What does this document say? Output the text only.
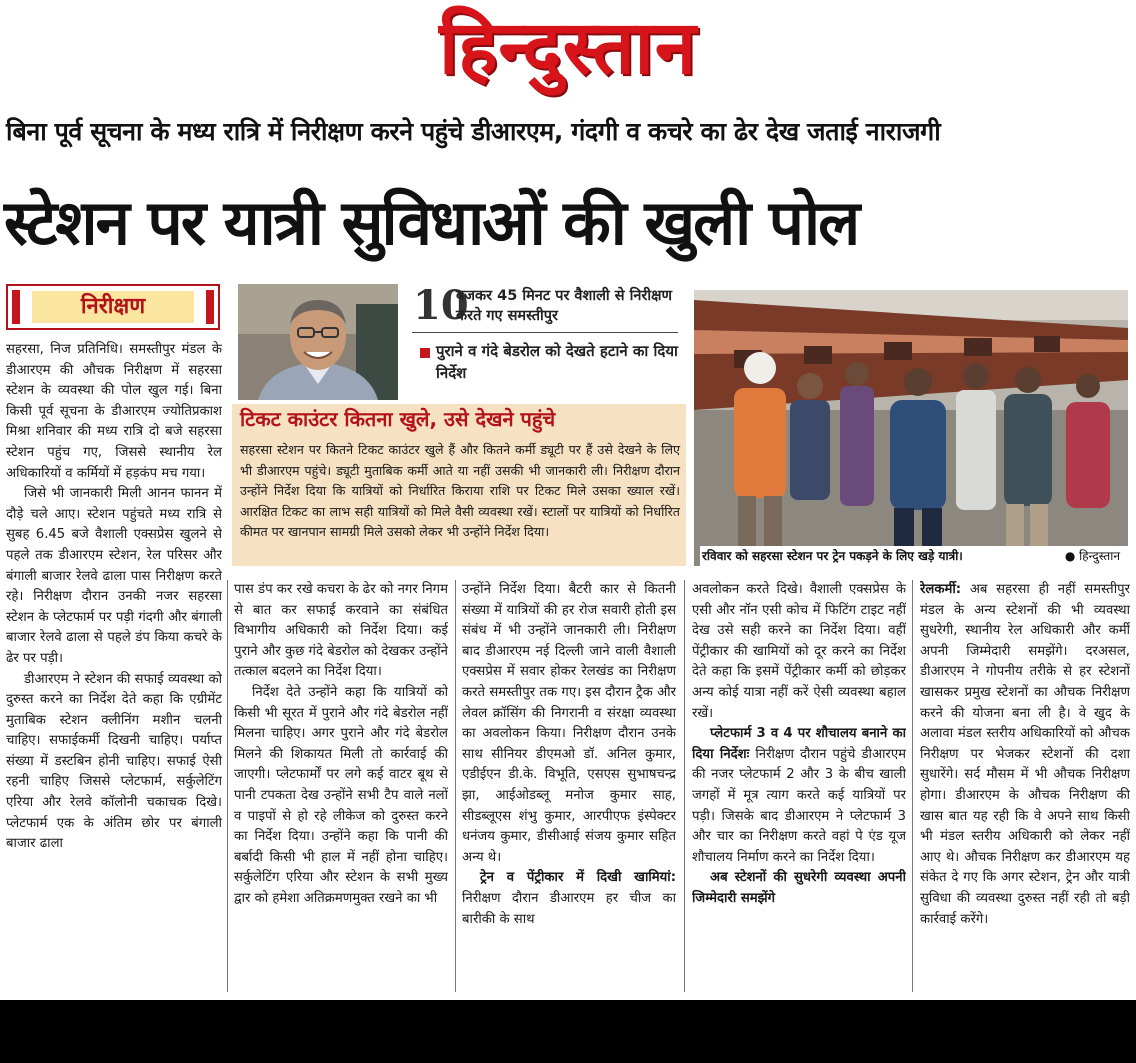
हिन्दुस्तान
बिना पूर्व सूचना के मध्य रात्रि में निरीक्षण करने पहुंचे डीआरएम, गंदगी व कचरे का ढेर देख जताई नाराजगी
स्टेशन पर यात्री सुविधाओं की खुली पोल
निरीक्षण
सहरसा, निज प्रतिनिधि। समस्तीपुर मंडल के डीआरएम की औचक निरीक्षण में सहरसा स्टेशन के व्यवस्था की पोल खुल गई। बिना किसी पूर्व सूचना के डीआरएम ज्योतिप्रकाश मिश्रा शनिवार की मध्य रात्रि दो बजे सहरसा स्टेशन पहुंच गए, जिससे स्थानीय रेल अधिकारियों व कर्मियों में हड़कंप मच गया।
जिसे भी जानकारी मिली आनन फानन में दौड़े चले आए। स्टेशन पहुंचते मध्य रात्रि से सुबह 6.45 बजे वैशाली एक्सप्रेस खुलने से पहले तक डीआरएम स्टेशन, रेल परिसर और बंगाली बाजार रेलवे ढाला पास निरीक्षण करते रहे। निरीक्षण दौरान उनकी नजर सहरसा स्टेशन के प्लेटफार्म पर पड़ी गंदगी और बंगाली बाजार रेलवे ढाला से पहले डंप किया कचरे के ढेर पर पड़ी।
डीआरएम ने स्टेशन की सफाई व्यवस्था को दुरुस्त करने का निर्देश देते कहा कि एग्रीमेंट मुताबिक स्टेशन क्लीनिंग मशीन चलनी चाहिए। सफाईकर्मी दिखनी चाहिए। पर्याप्त संख्या में डस्टबिन होनी चाहिए। सफाई ऐसी रहनी चाहिए जिससे प्लेटफार्म, सर्कुलेटिंग एरिया और रेलवे कॉलोनी चकाचक दिखे। प्लेटफार्म एक के अंतिम छोर पर बंगाली बाजार ढाला
10
बजकर 45 मिनट पर वैशाली से निरीक्षण करते गए समस्तीपुर
पुराने व गंदे बेडरोल को देखते हटाने का दिया निर्देश
टिकट काउंटर कितना खुले, उसे देखने पहुंचे
सहरसा स्टेशन पर कितने टिकट काउंटर खुले हैं और कितने कर्मी ड्यूटी पर हैं उसे देखने के लिए भी डीआरएम पहुंचे। ड्यूटी मुताबिक कर्मी आते या नहीं उसकी भी जानकारी ली। निरीक्षण दौरान उन्होंने निर्देश दिया कि यात्रियों को निर्धारित किराया राशि पर टिकट मिले उसका ख्याल रखें। आरक्षित टिकट का लाभ सही यात्रियों को मिले वैसी व्यवस्था रखें। स्टालों पर यात्रियों को निर्धारित कीमत पर खानपान सामग्री मिले उसको लेकर भी उन्होंने निर्देश दिया।
रविवार को सहरसा स्टेशन पर ट्रेन पकड़ने के लिए खड़े यात्री।	● हिन्दुस्तान
पास डंप कर रखे कचरा के ढेर को नगर निगम से बात कर सफाई करवाने का संबंधित विभागीय अधिकारी को निर्देश दिया। कई पुराने और कुछ गंदे बेडरोल को देखकर उन्होंने तत्काल बदलने का निर्देश दिया।
निर्देश देते उन्होंने कहा कि यात्रियों को किसी भी सूरत में पुराने और गंदे बेडरोल नहीं मिलना चाहिए। अगर पुराने और गंदे बेडरोल मिलने की शिकायत मिली तो कार्रवाई की जाएगी। प्लेटफार्मों पर लगे कई वाटर बूथ से पानी टपकता देख उन्होंने सभी टैप वाले नलों व पाइपों से हो रहे लीकेज को दुरुस्त करने का निर्देश दिया। उन्होंने कहा कि पानी की बर्बादी किसी भी हाल में नहीं होना चाहिए। सर्कुलेटिंग एरिया और स्टेशन के सभी मुख्य द्वार को हमेशा अतिक्रमणमुक्त रखने का भी
उन्होंने निर्देश दिया। बैटरी कार से कितनी संख्या में यात्रियों की हर रोज सवारी होती इस संबंध में भी उन्होंने जानकारी ली। निरीक्षण बाद डीआरएम नई दिल्ली जाने वाली वैशाली एक्सप्रेस में सवार होकर रेलखंड का निरीक्षण करते समस्तीपुर तक गए। इस दौरान ट्रैक और लेवल क्रॉसिंग की निगरानी व संरक्षा व्यवस्था का अवलोकन किया। निरीक्षण दौरान उनके साथ सीनियर डीएमओ डॉ. अनिल कुमार, एडीईएन डी.के. विभूति, एसएस सुभाषचन्द्र झा, आईओडब्लू मनोज कुमार साह, सीडब्लूएस शंभु कुमार, आरपीएफ इंस्पेक्टर धनंजय कुमार, डीसीआई संजय कुमार सहित अन्य थे।
ट्रेन व पेंट्रीकार में दिखी खामियां: निरीक्षण दौरान डीआरएम हर चीज का बारीकी के साथ
अवलोकन करते दिखे। वैशाली एक्सप्रेस के एसी और नॉन एसी कोच में फिटिंग टाइट नहीं देख उसे सही करने का निर्देश दिया। वहीं पेंट्रीकार की खामियों को दूर करने का निर्देश देते कहा कि इसमें पेंट्रीकार कर्मी को छोड़कर अन्य कोई यात्रा नहीं करें ऐसी व्यवस्था बहाल रखें।
प्लेटफार्म 3 व 4 पर शौचालय बनाने का दिया निर्देशः निरीक्षण दौरान पहुंचे डीआरएम की नजर प्लेटफार्म 2 और 3 के बीच खाली जगहों में मूत्र त्याग करते कई यात्रियों पर पड़ी। जिसके बाद डीआरएम ने प्लेटफार्म 3 और चार का निरीक्षण करते वहां पे एंड यूज शौचालय निर्माण करने का निर्देश दिया।
अब स्टेशनों की सुधरेगी व्यवस्था अपनी जिम्मेदारी समझेंगे
रेलकर्मी: अब सहरसा ही नहीं समस्तीपुर मंडल के अन्य स्टेशनों की भी व्यवस्था सुधरेगी, स्थानीय रेल अधिकारी और कर्मी अपनी जिम्मेदारी समझेंगे। दरअसल, डीआरएम ने गोपनीय तरीके से हर स्टेशनों खासकर प्रमुख स्टेशनों का औचक निरीक्षण करने की योजना बना ली है। वे खुद के अलावा मंडल स्तरीय अधिकारियों को औचक निरीक्षण पर भेजकर स्टेशनों की दशा सुधारेंगे। सर्द मौसम में भी औचक निरीक्षण होगा। डीआरएम के औचक निरीक्षण की खास बात यह रही कि वे अपने साथ किसी भी मंडल स्तरीय अधिकारी को लेकर नहीं आए थे। औचक निरीक्षण कर डीआरएम यह संकेत दे गए कि अगर स्टेशन, ट्रेन और यात्री सुविधा की व्यवस्था दुरुस्त नहीं रही तो बड़ी कार्रवाई करेंगे।
